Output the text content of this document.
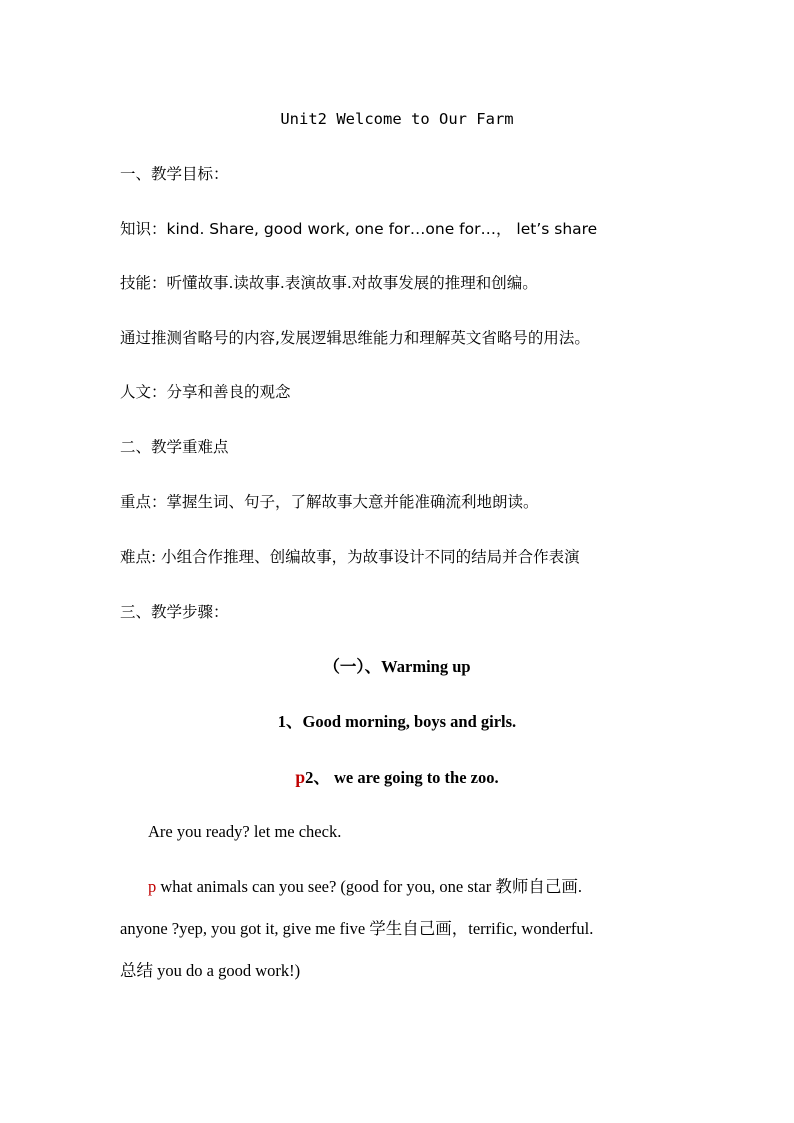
Unit2 Welcome to Our Farm
一、教学目标：
知识：kind. Share, good work, one for…one for…， let’s share
技能：听懂故事.读故事.表演故事.对故事发展的推理和创编。
通过推测省略号的内容,发展逻辑思维能力和理解英文省略号的用法。
人文：分享和善良的观念
二、教学重难点
重点：掌握生词、句子，了解故事大意并能准确流利地朗读。
难点: 小组合作推理、创编故事，为故事设计不同的结局并合作表演
三、教学步骤：
（一）、Warming up
1、Good morning, boys and girls.
p2、 we are going to the zoo.
Are you ready? let me check.
p what animals can you see? (good for you, one star 教师自己画.
anyone ?yep, you got it, give me five 学生自己画，terrific, wonderful.
总结 you do a good work!)
